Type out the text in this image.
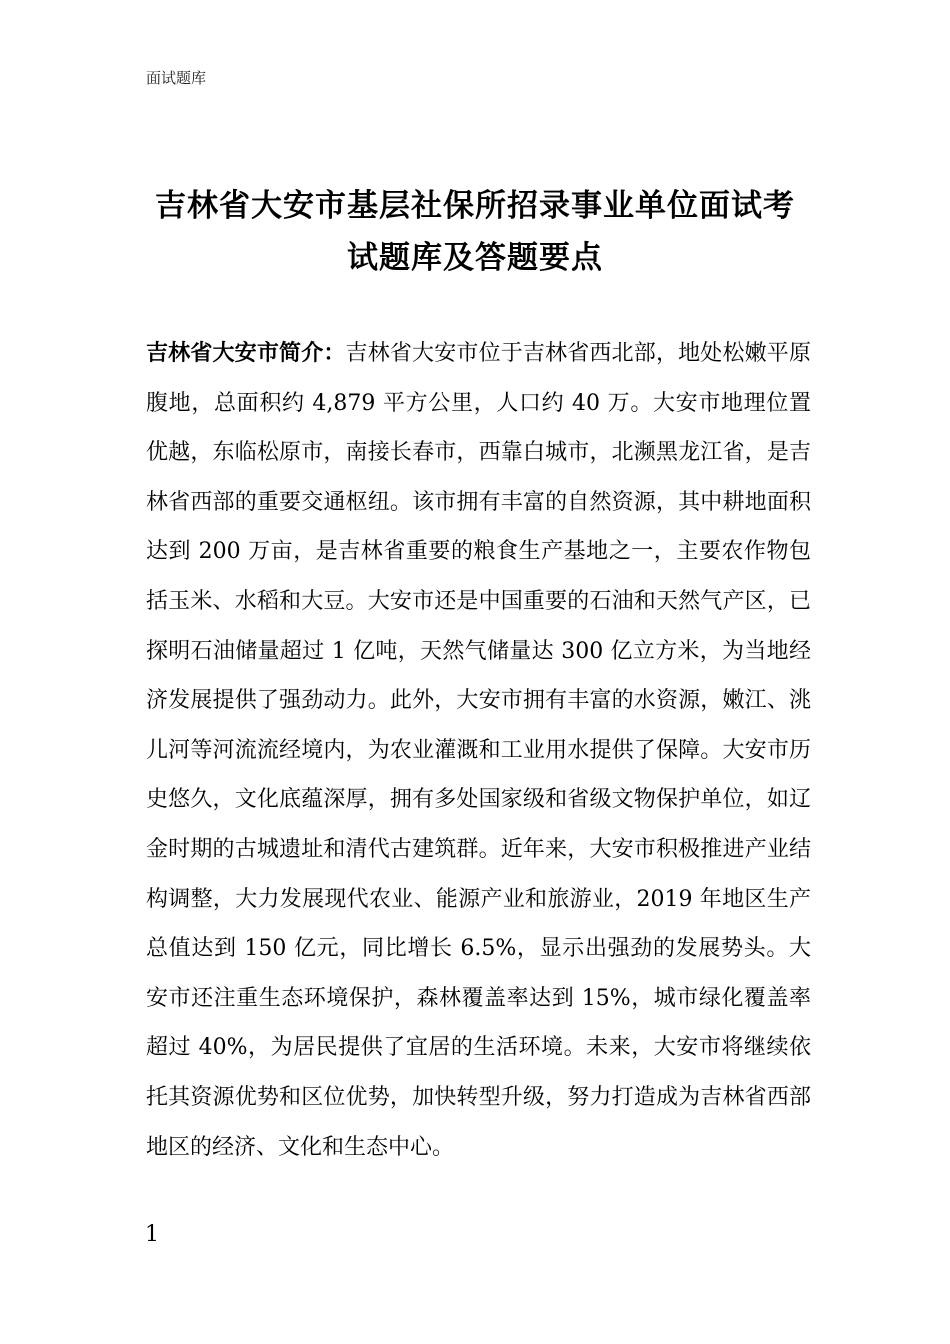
面试题库

吉林省大安市基层社保所招录事业单位面试考
试题库及答题要点

吉林省大安市简介：吉林省大安市位于吉林省西北部，地处松嫩平原腹地，总面积约 4,879 平方公里，人口约 40 万。大安市地理位置优越，东临松原市，南接长春市，西靠白城市，北濒黑龙江省，是吉林省西部的重要交通枢纽。该市拥有丰富的自然资源，其中耕地面积达到 200 万亩，是吉林省重要的粮食生产基地之一，主要农作物包括玉米、水稻和大豆。大安市还是中国重要的石油和天然气产区，已探明石油储量超过 1 亿吨，天然气储量达 300 亿立方米，为当地经济发展提供了强劲动力。此外，大安市拥有丰富的水资源，嫩江、洮儿河等河流流经境内，为农业灌溉和工业用水提供了保障。大安市历史悠久，文化底蕴深厚，拥有多处国家级和省级文物保护单位，如辽金时期的古城遗址和清代古建筑群。近年来，大安市积极推进产业结构调整，大力发展现代农业、能源产业和旅游业，2019 年地区生产总值达到 150 亿元，同比增长 6.5%，显示出强劲的发展势头。大安市还注重生态环境保护，森林覆盖率达到 15%，城市绿化覆盖率超过 40%，为居民提供了宜居的生活环境。未来，大安市将继续依托其资源优势和区位优势，加快转型升级，努力打造成为吉林省西部地区的经济、文化和生态中心。

1
